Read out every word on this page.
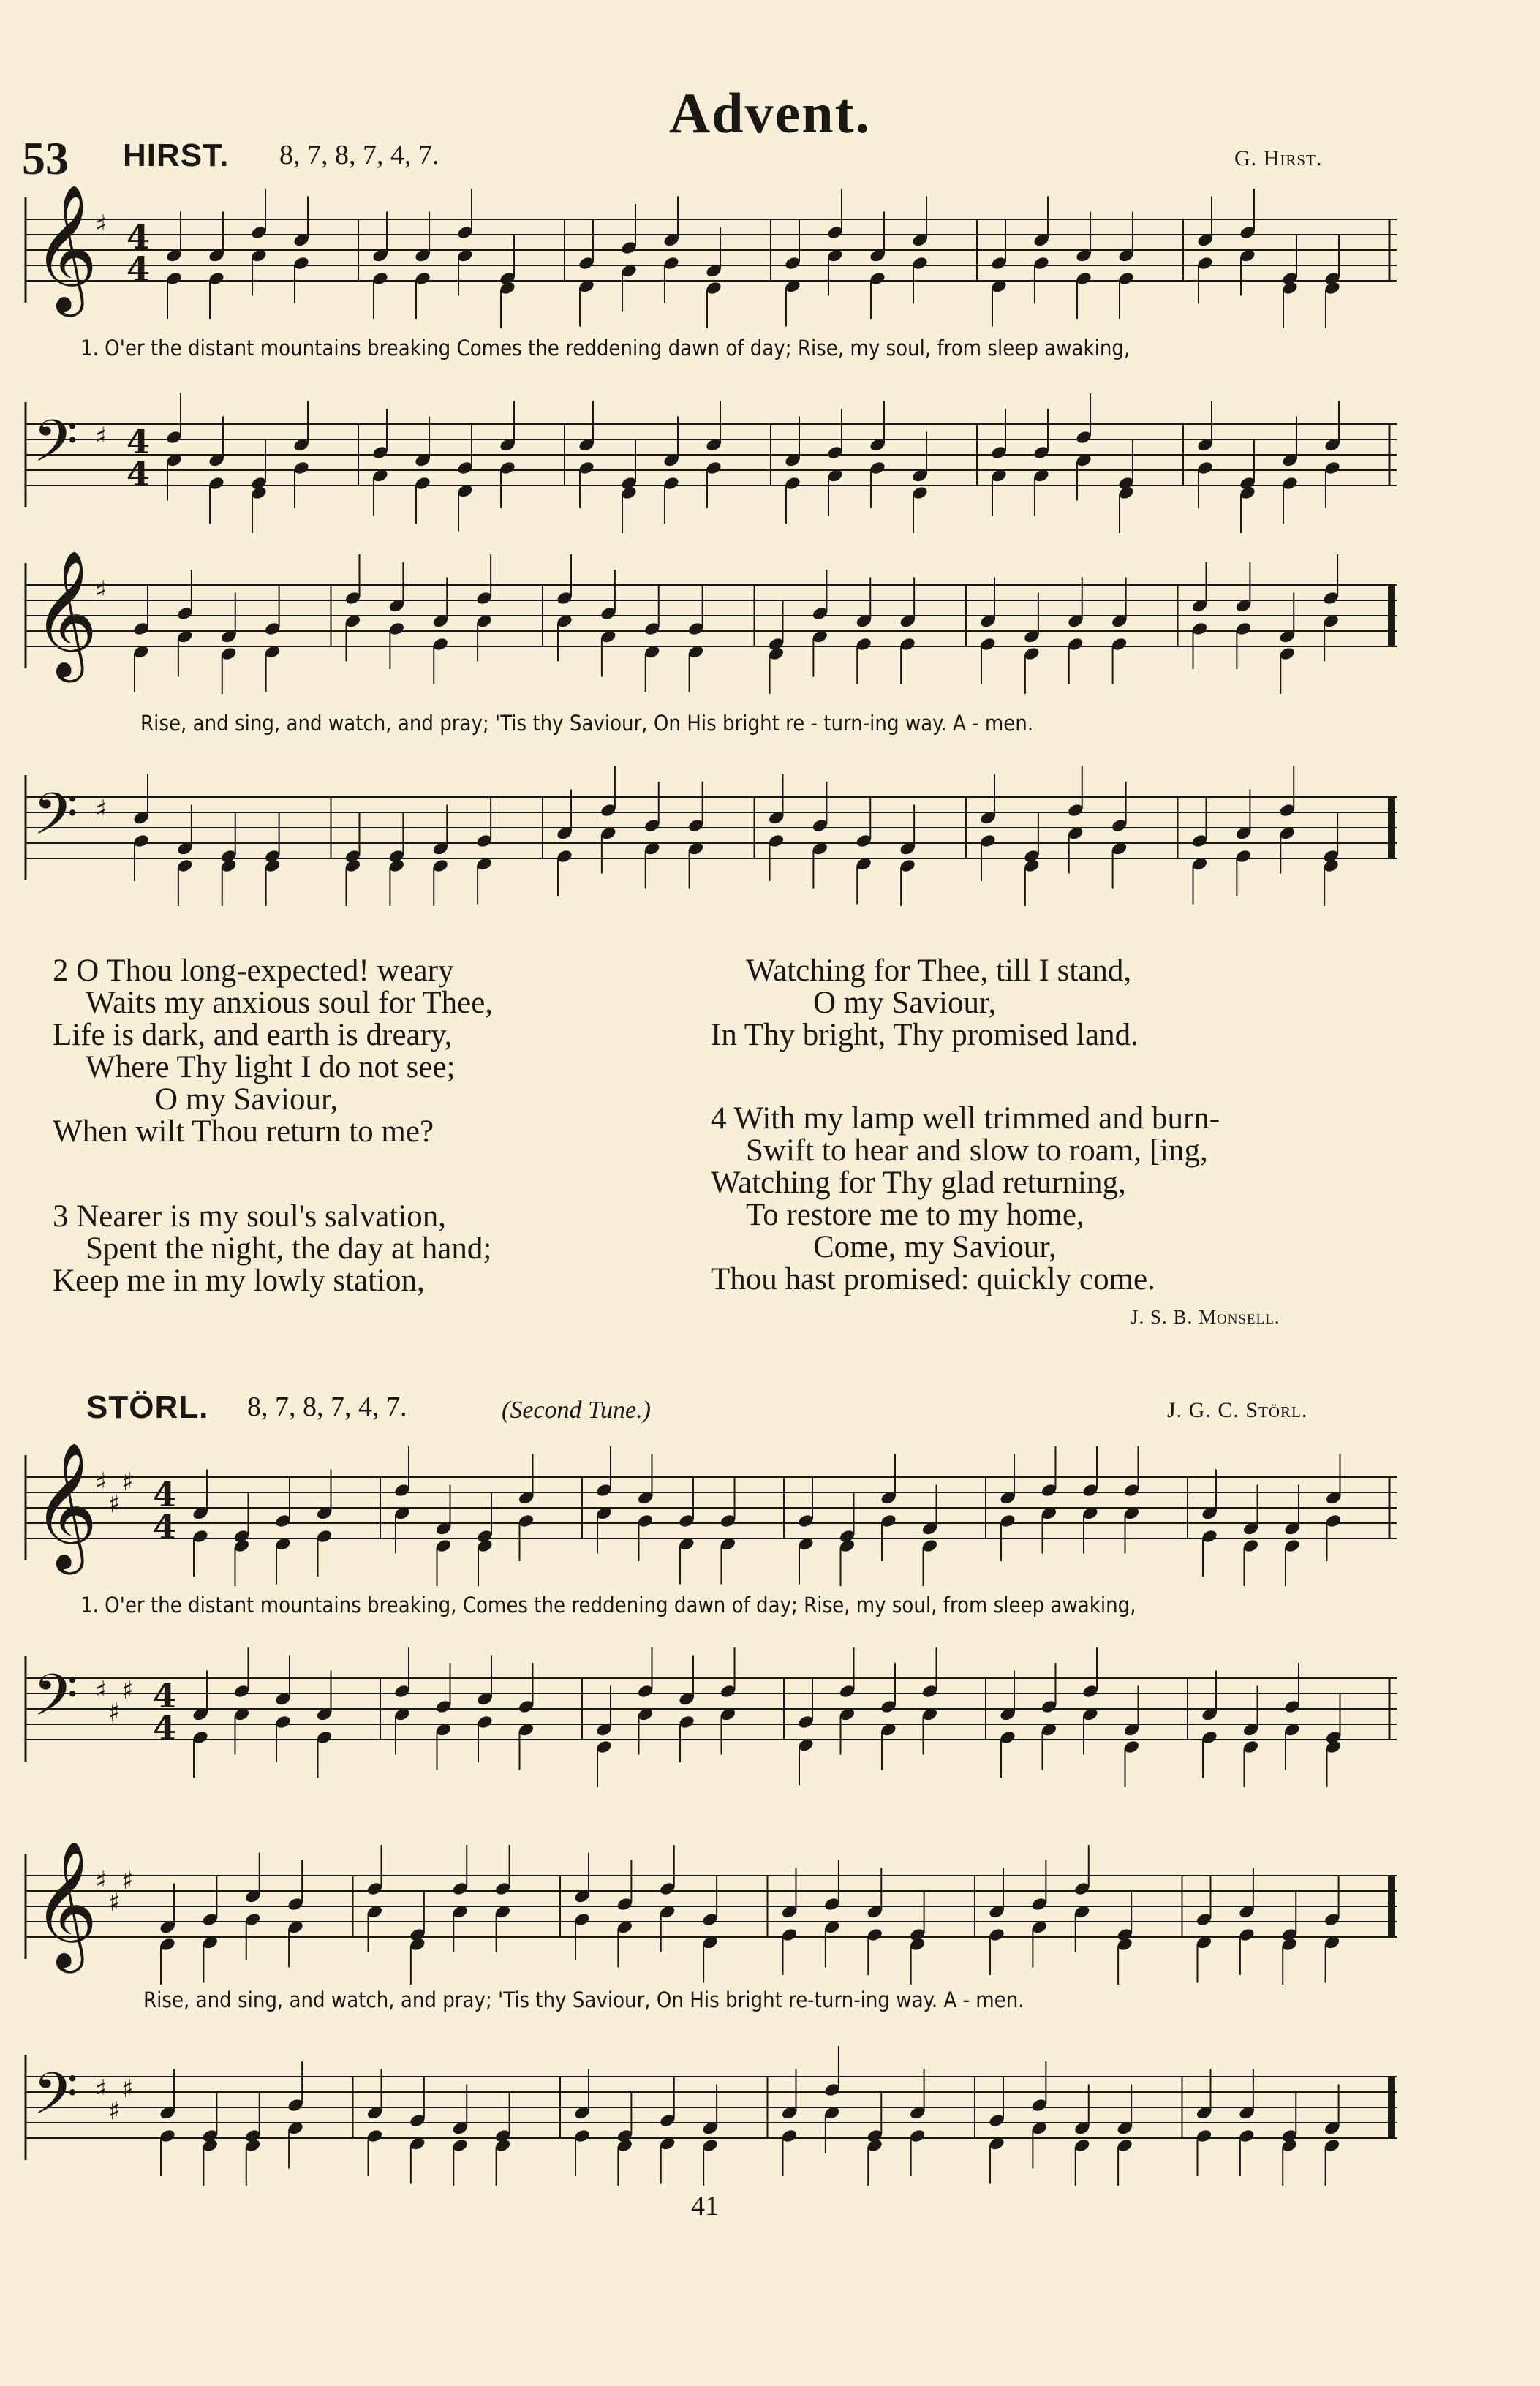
Advent.
53 HIRST. 8, 7, 8, 7, 4, 7.	G. Hirst.
𝄞
♯ 4
4
1. O'er the distant mountains breaking Comes the reddening dawn of day; Rise, my soul, from sleep awaking,
𝄢 ♯ 4
4
𝄞
♯
Rise, and sing, and watch, and pray; 'Tis thy Saviour, On His bright re - turn-ing way. A - men.
𝄢 ♯
2 O Thou long-expected! weary
Waits my anxious soul for Thee,
Life is dark, and earth is dreary,
Where Thy light I do not see;
O my Saviour,
When wilt Thou return to me?
3 Nearer is my soul's salvation,
Spent the night, the day at hand;
Keep me in my lowly station,
Watching for Thee, till I stand,
O my Saviour,
In Thy bright, Thy promised land.
4 With my lamp well trimmed and burn-
Swift to hear and slow to roam, [ing,
Watching for Thy glad returning,
To restore me to my home,
Come, my Saviour,
Thou hast promised: quickly come.
J. S. B. Monsell.
STÖRL. 8, 7, 8, 7, 4, 7.	(Second Tune.)	J. G. C. Störl.
𝄞
♯
♯
♯ 4
4
1. O'er the distant mountains breaking, Comes the reddening dawn of day; Rise, my soul, from sleep awaking,
𝄢 ♯
♯
♯ 4
4
𝄞
♯
♯
♯
Rise, and sing, and watch, and pray; 'Tis thy Saviour, On His bright re-turn-ing way. A - men.
𝄢 ♯
♯
♯
41
